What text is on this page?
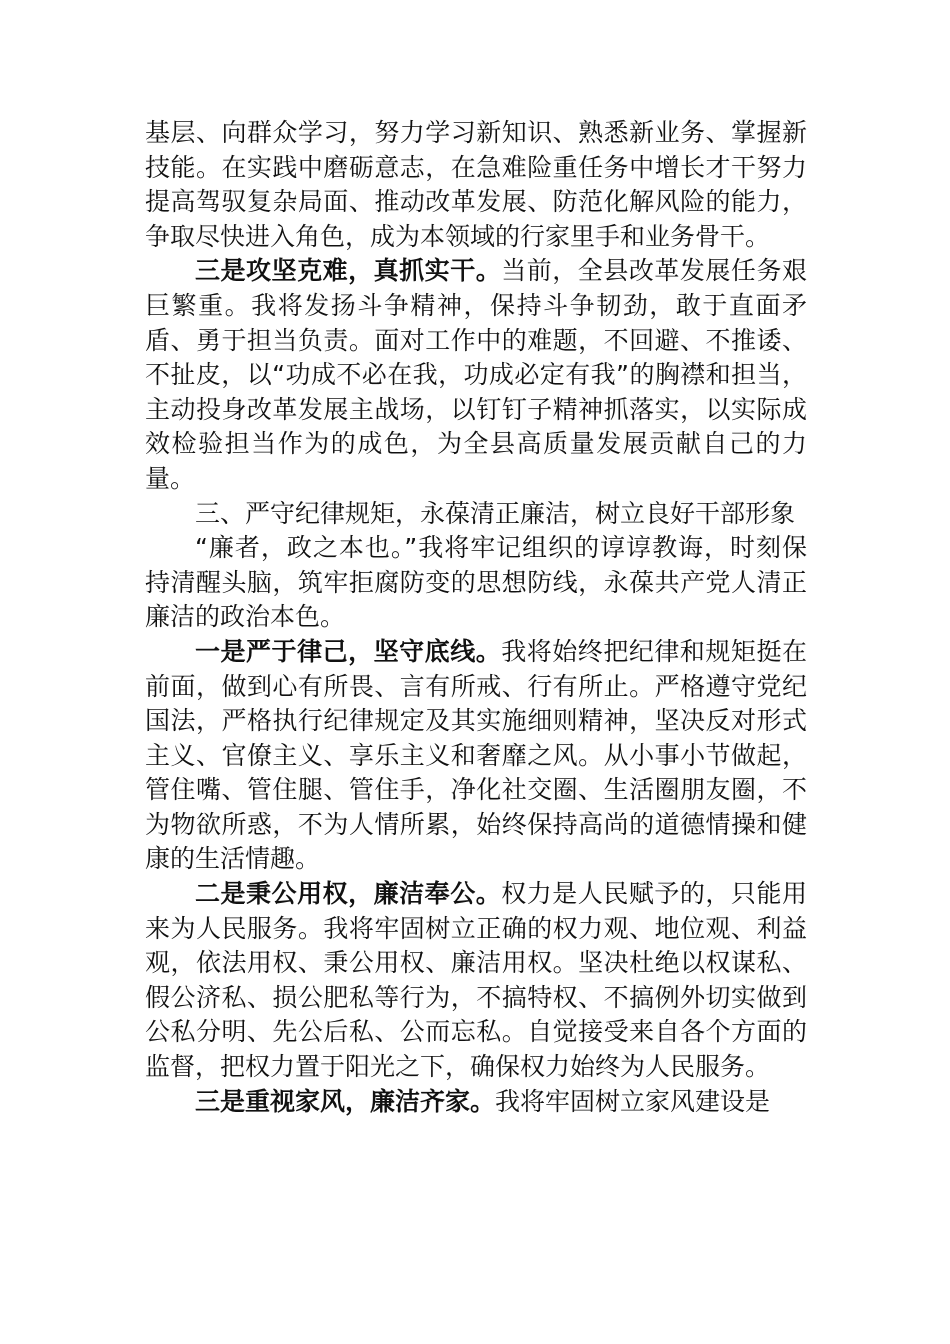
基层、向群众学习，努力学习新知识、熟悉新业务、掌握新技能。在实践中磨砺意志，在急难险重任务中增长才干努力提高驾驭复杂局面、推动改革发展、防范化解风险的能力，争取尽快进入角色，成为本领域的行家里手和业务骨干。

三是攻坚克难，真抓实干。当前，全县改革发展任务艰巨繁重。我将发扬斗争精神，保持斗争韧劲，敢于直面矛盾、勇于担当负责。面对工作中的难题，不回避、不推诿、不扯皮，以“功成不必在我，功成必定有我”的胸襟和担当，主动投身改革发展主战场，以钉钉子精神抓落实，以实际成效检验担当作为的成色，为全县高质量发展贡献自己的力量。

三、严守纪律规矩，永葆清正廉洁，树立良好干部形象

“廉者，政之本也。”我将牢记组织的谆谆教诲，时刻保持清醒头脑，筑牢拒腐防变的思想防线，永葆共产党人清正廉洁的政治本色。

一是严于律己，坚守底线。我将始终把纪律和规矩挺在前面，做到心有所畏、言有所戒、行有所止。严格遵守党纪国法，严格执行纪律规定及其实施细则精神，坚决反对形式主义、官僚主义、享乐主义和奢靡之风。从小事小节做起，管住嘴、管住腿、管住手，净化社交圈、生活圈朋友圈，不为物欲所惑，不为人情所累，始终保持高尚的道德情操和健康的生活情趣。

二是秉公用权，廉洁奉公。权力是人民赋予的，只能用来为人民服务。我将牢固树立正确的权力观、地位观、利益观，依法用权、秉公用权、廉洁用权。坚决杜绝以权谋私、假公济私、损公肥私等行为，不搞特权、不搞例外切实做到公私分明、先公后私、公而忘私。自觉接受来自各个方面的监督，把权力置于阳光之下，确保权力始终为人民服务。

三是重视家风，廉洁齐家。我将牢固树立家风建设是
